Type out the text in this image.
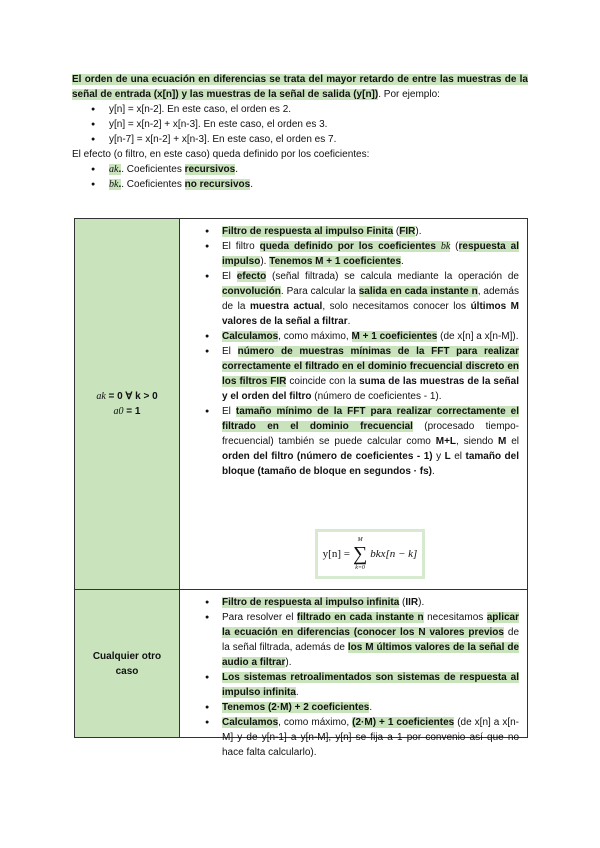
El orden de una ecuación en diferencias se trata del mayor retardo de entre las muestras de la señal de entrada (x[n]) y las muestras de la señal de salida (y[n]). Por ejemplo:
● y[n] = x[n-2]. En este caso, el orden es 2.
● y[n] = x[n-2] + x[n-3]. En este caso, el orden es 3.
● y[n-7] = x[n-2] + x[n-3]. En este caso, el orden es 7.
El efecto (o filtro, en este caso) queda definido por los coeficientes:
● ak.. Coeficientes recursivos.
● bk.. Coeficientes no recursivos.
ak = 0 ∀ k > 0
a0 = 1
● Filtro de respuesta al impulso Finita (FIR).
● El filtro queda definido por los coeficientes bk (respuesta al impulso). Tenemos M + 1 coeficientes.
● El efecto (señal filtrada) se calcula mediante la operación de convolución. Para calcular la salida en cada instante n, además de la muestra actual, solo necesitamos conocer los últimos M valores de la señal a filtrar.
● Calculamos, como máximo, M + 1 coeficientes (de x[n] a x[n-M]).
● El número de muestras mínimas de la FFT para realizar correctamente el filtrado en el dominio frecuencial discreto en los filtros FIR coincide con la suma de las muestras de la señal y el orden del filtro (número de coeficientes - 1).
● El tamaño mínimo de la FFT para realizar correctamente el filtrado en el dominio frecuencial (procesado tiempo-frecuencial) también se puede calcular como M+L, siendo M el orden del filtro (número de coeficientes - 1) y L el tamaño del bloque (tamaño de bloque en segundos · fs).
y[n] =
M
∑
k=0
bkx[n − k]
Cualquier otro caso
● Filtro de respuesta al impulso infinita (IIR).
● Para resolver el filtrado en cada instante n necesitamos aplicar la ecuación en diferencias (conocer los N valores previos de la señal filtrada, además de los M últimos valores de la señal de audio a filtrar).
● Los sistemas retroalimentados son sistemas de respuesta al impulso infinita.
● Tenemos (2·M) + 2 coeficientes.
● Calculamos, como máximo, (2·M) + 1 coeficientes (de x[n] a x[n-M] y de y[n-1] a y[n-M], y[n] se fija a 1 por convenio así que no hace falta calcularlo).
